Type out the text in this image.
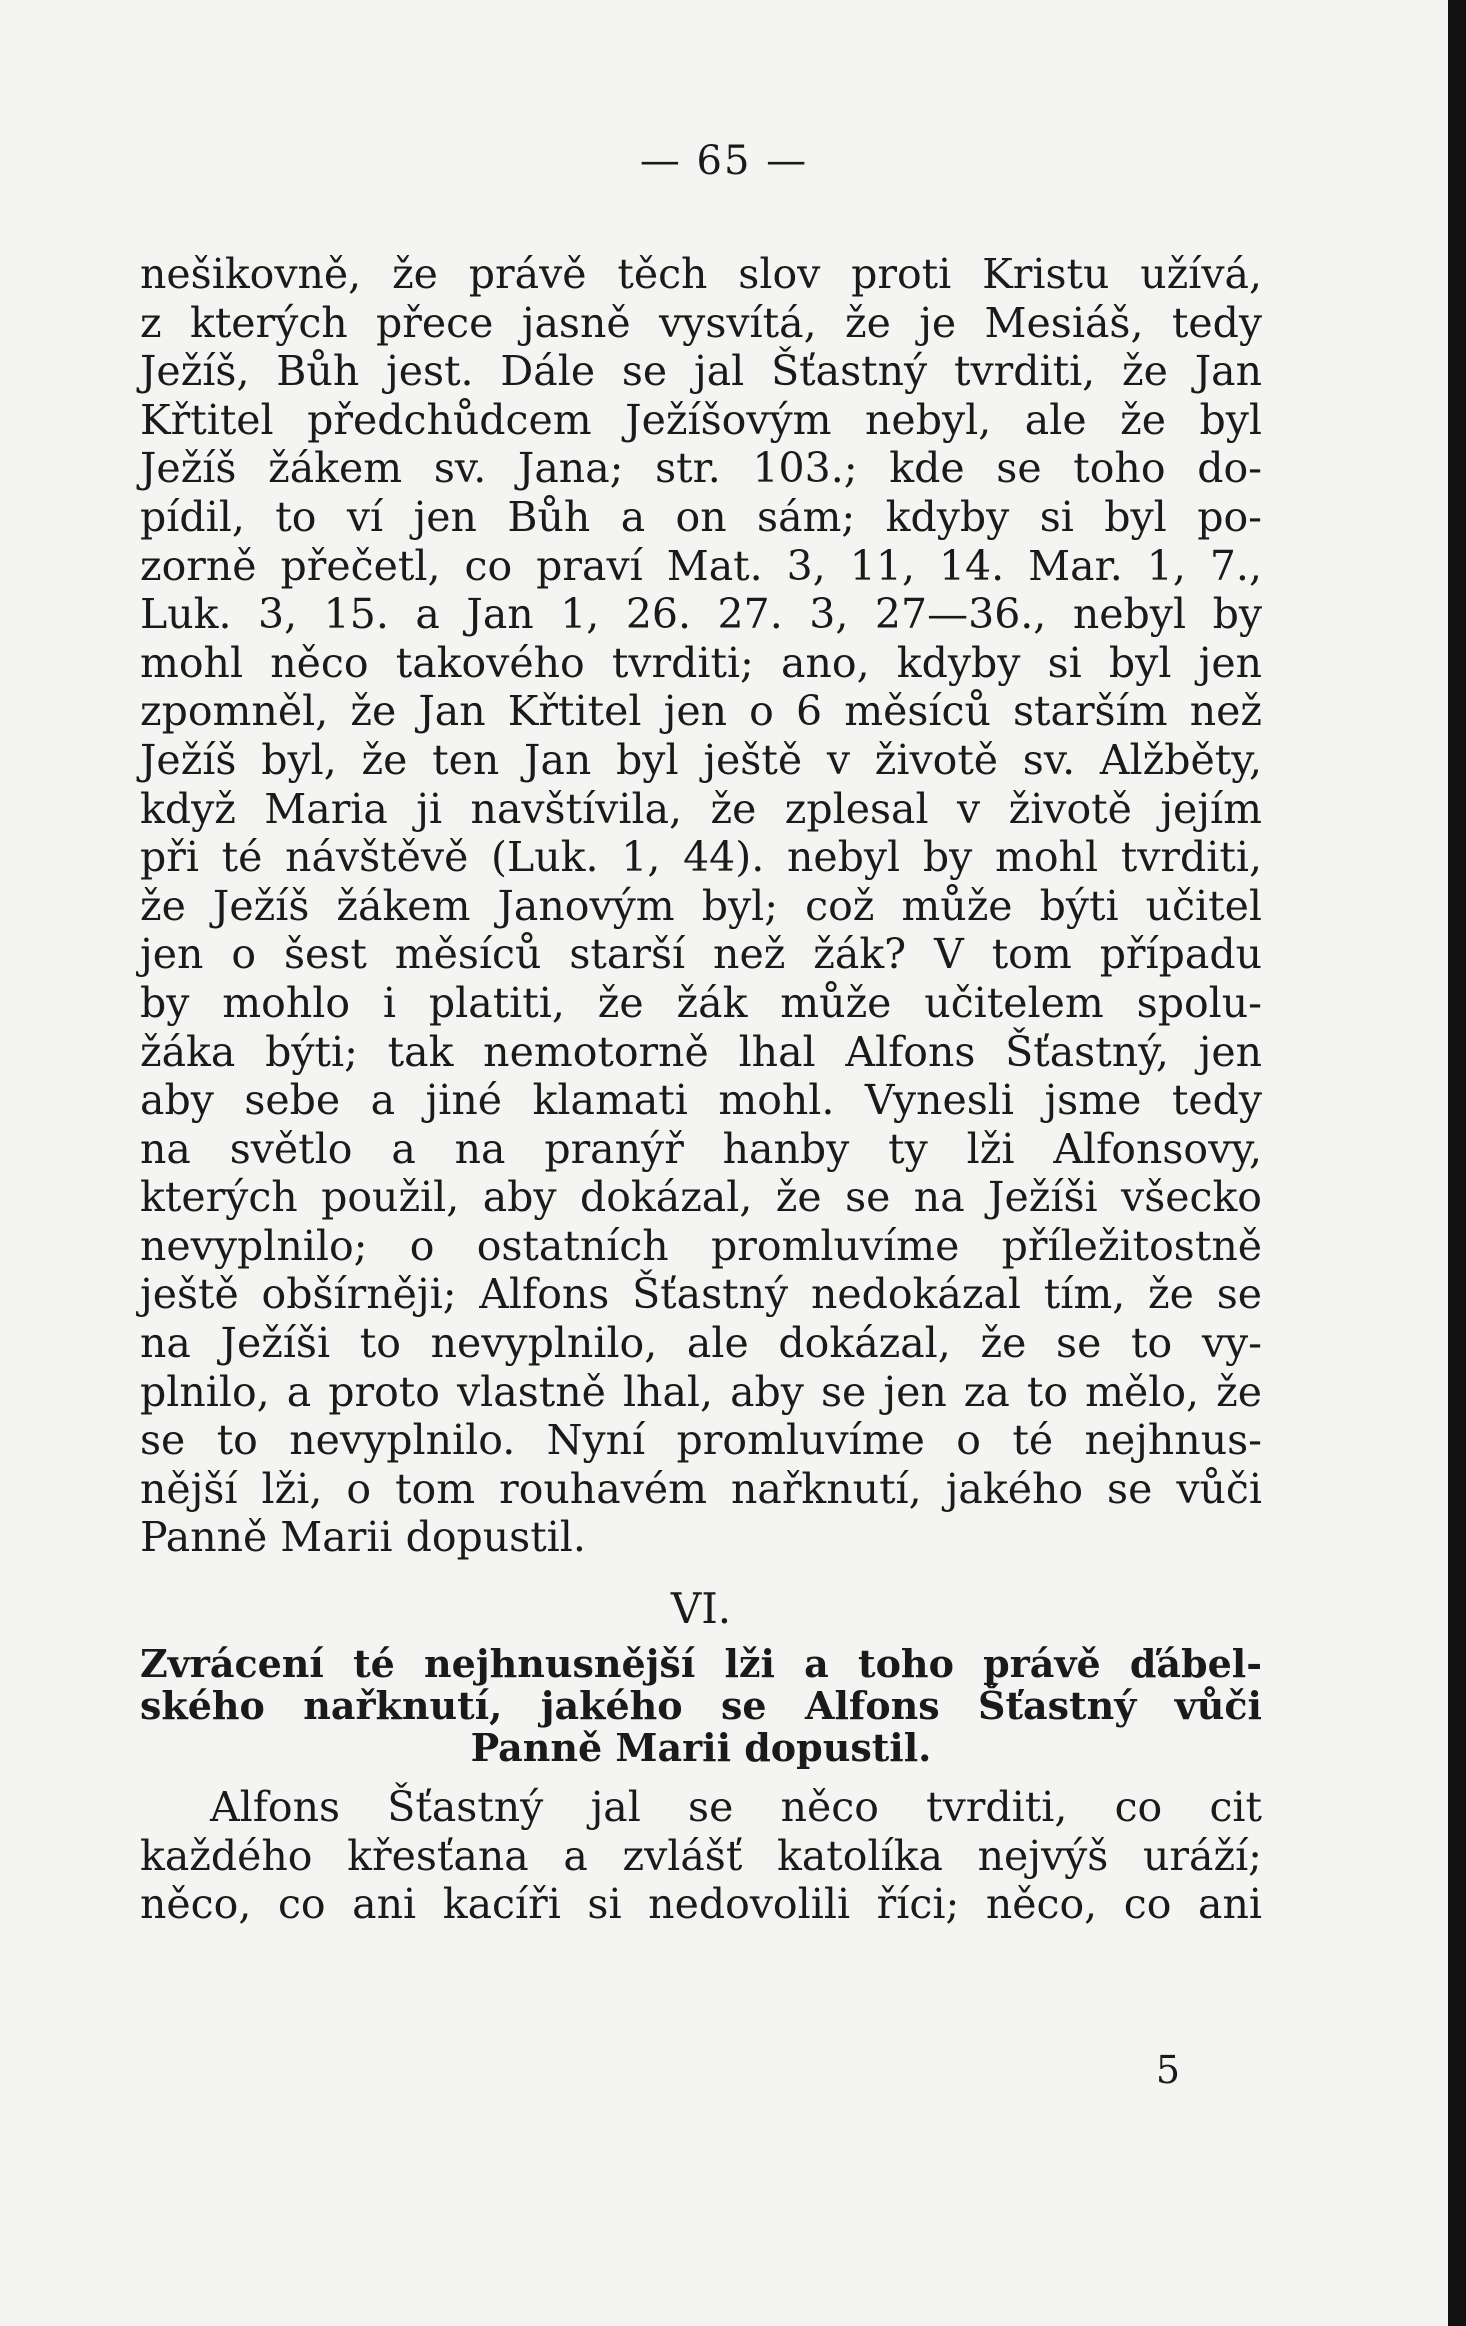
— 65 —
nešikovně, že právě těch slov proti Kristu užívá,
z kterých přece jasně vysvítá, že je Mesiáš, tedy
Ježíš, Bůh jest. Dále se jal Šťastný tvrditi, že Jan
Křtitel předchůdcem Ježíšovým nebyl, ale že byl
Ježíš žákem sv. Jana; str. 103.; kde se toho do-
pídil, to ví jen Bůh a on sám; kdyby si byl po-
zorně přečetl, co praví Mat. 3, 11, 14. Mar. 1, 7.,
Luk. 3, 15. a Jan 1, 26. 27. 3, 27—36., nebyl by
mohl něco takového tvrditi; ano, kdyby si byl jen
zpomněl, že Jan Křtitel jen o 6 měsíců starším než
Ježíš byl, že ten Jan byl ještě v životě sv. Alžběty,
když Maria ji navštívila, že zplesal v životě jejím
při té návštěvě (Luk. 1, 44). nebyl by mohl tvrditi,
že Ježíš žákem Janovým byl; což může býti učitel
jen o šest měsíců starší než žák? V tom případu
by mohlo i platiti, že žák může učitelem spolu-
žáka býti; tak nemotorně lhal Alfons Šťastný, jen
aby sebe a jiné klamati mohl. Vynesli jsme tedy
na světlo a na pranýř hanby ty lži Alfonsovy,
kterých použil, aby dokázal, že se na Ježíši všecko
nevyplnilo; o ostatních promluvíme příležitostně
ještě obšírněji; Alfons Šťastný nedokázal tím, že se
na Ježíši to nevyplnilo, ale dokázal, že se to vy-
plnilo, a proto vlastně lhal, aby se jen za to mělo, že
se to nevyplnilo. Nyní promluvíme o té nejhnus-
nější lži, o tom rouhavém nařknutí, jakého se vůči
Panně Marii dopustil.
VI.
Zvrácení té nejhnusnější lži a toho právě ďábel-
ského nařknutí, jakého se Alfons Šťastný vůči
Panně Marii dopustil.
Alfons Šťastný jal se něco tvrditi, co cit
každého křesťana a zvlášť katolíka nejvýš uráží;
něco, co ani kacíři si nedovolili říci; něco, co ani
5
